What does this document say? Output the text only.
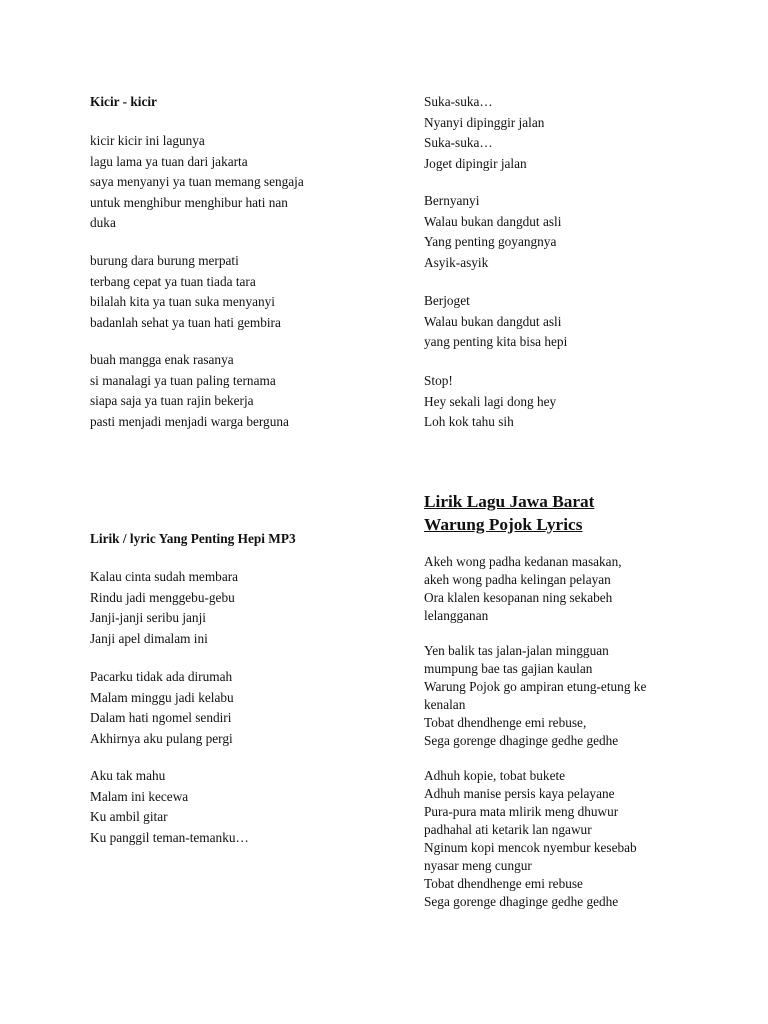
Kicir - kicir
kicir kicir ini lagunya
lagu lama ya tuan dari jakarta
saya menyanyi ya tuan memang sengaja
untuk menghibur menghibur hati nan
duka
burung dara burung merpati
terbang cepat ya tuan tiada tara
bilalah kita ya tuan suka menyanyi
badanlah sehat ya tuan hati gembira
buah mangga enak rasanya
si manalagi ya tuan paling ternama
siapa saja ya tuan rajin bekerja
pasti menjadi menjadi warga berguna
Lirik / lyric Yang Penting Hepi MP3
Kalau cinta sudah membara
Rindu jadi menggebu-gebu
Janji-janji seribu janji
Janji apel dimalam ini
Pacarku tidak ada dirumah
Malam minggu jadi kelabu
Dalam hati ngomel sendiri
Akhirnya aku pulang pergi
Aku tak mahu
Malam ini kecewa
Ku ambil gitar
Ku panggil teman-temanku…
Suka-suka…
Nyanyi dipinggir jalan
Suka-suka…
Joget dipingir jalan
Bernyanyi
Walau bukan dangdut asli
Yang penting goyangnya
Asyik-asyik
Berjoget
Walau bukan dangdut asli
yang penting kita bisa hepi
Stop!
Hey sekali lagi dong hey
Loh kok tahu sih
Lirik Lagu Jawa Barat
Warung Pojok Lyrics
Akeh wong padha kedanan masakan,
akeh wong padha kelingan pelayan
Ora klalen kesopanan ning sekabeh
lelangganan
Yen balik tas jalan-jalan mingguan
mumpung bae tas gajian kaulan
Warung Pojok go ampiran etung-etung ke
kenalan
Tobat dhendhenge emi rebuse,
Sega gorenge dhaginge gedhe gedhe
Adhuh kopie, tobat bukete
Adhuh manise persis kaya pelayane
Pura-pura mata mlirik meng dhuwur
padhahal ati ketarik lan ngawur
Nginum kopi mencok nyembur kesebab
nyasar meng cungur
Tobat dhendhenge emi rebuse
Sega gorenge dhaginge gedhe gedhe
